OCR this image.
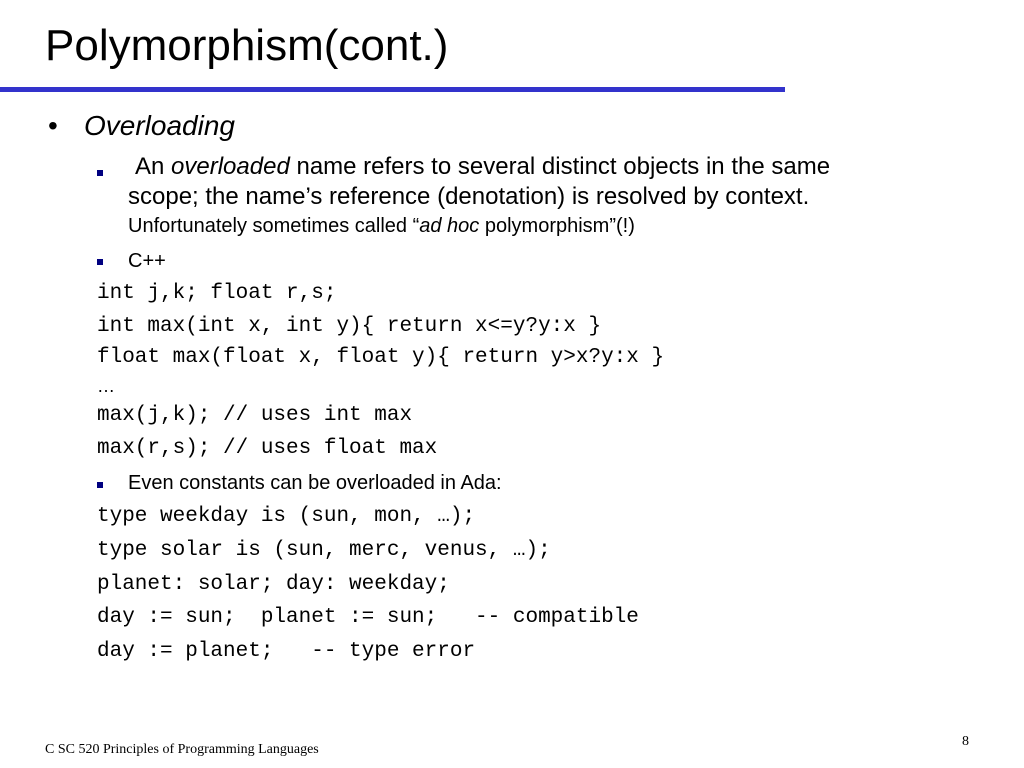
Polymorphism(cont.)
• Overloading
An overloaded name refers to several distinct objects in the same
scope; the name’s reference (denotation) is resolved by context.
Unfortunately sometimes called “ad hoc polymorphism”(!)
C++
int j,k; float r,s;
int max(int x, int y){ return x<=y?y:x }
float max(float x, float y){ return y>x?y:x }
…
max(j,k); // uses int max
max(r,s); // uses float max
Even constants can be overloaded in Ada:
type weekday is (sun, mon, …);
type solar is (sun, merc, venus, …);
planet: solar; day: weekday;
day := sun;  planet := sun;   -- compatible
day := planet;   -- type error
C SC 520 Principles of Programming Languages
8
